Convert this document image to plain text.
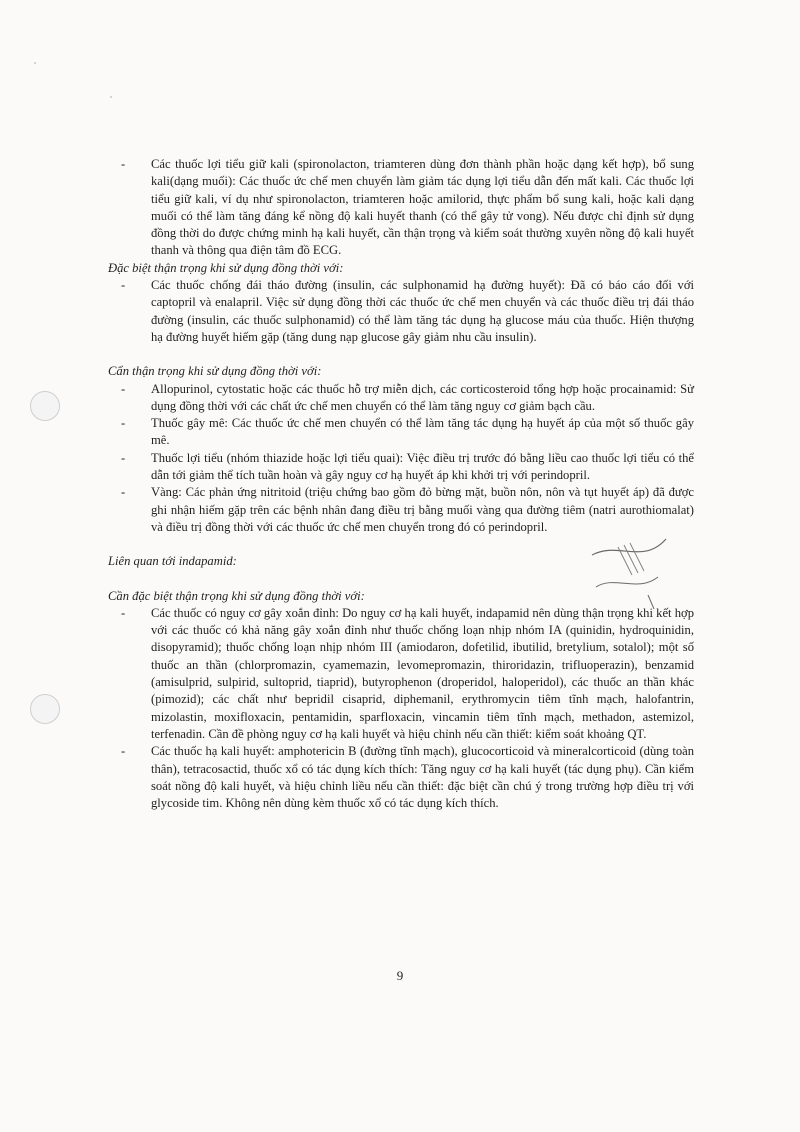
- Các thuốc lợi tiểu giữ kali (spironolacton, triamteren dùng đơn thành phần hoặc dạng kết hợp), bổ sung kali(dạng muối): Các thuốc ức chế men chuyển làm giảm tác dụng lợi tiểu dẫn đến mất kali. Các thuốc lợi tiểu giữ kali, ví dụ như spironolacton, triamteren hoặc amilorid, thực phẩm bổ sung kali, hoặc kali dạng muối có thể làm tăng đáng kể nồng độ kali huyết thanh (có thể gây tử vong). Nếu được chỉ định sử dụng đồng thời do được chứng minh hạ kali huyết, cần thận trọng và kiểm soát thường xuyên nồng độ kali huyết thanh và thông qua điện tâm đồ ECG.
Đặc biệt thận trọng khi sử dụng đồng thời với:
- Các thuốc chống đái tháo đường (insulin, các sulphonamid hạ đường huyết): Đã có báo cáo đối với captopril và enalapril. Việc sử dụng đồng thời các thuốc ức chế men chuyển và các thuốc điều trị đái tháo đường (insulin, các thuốc sulphonamid) có thể làm tăng tác dụng hạ glucose máu của thuốc. Hiện thượng hạ đường huyết hiếm gặp (tăng dung nạp glucose gây giảm nhu cầu insulin).
Cẩn thận trọng khi sử dụng đồng thời với:
- Allopurinol, cytostatic hoặc các thuốc hỗ trợ miễn dịch, các corticosteroid tổng hợp hoặc procainamid: Sử dụng đồng thời với các chất ức chế men chuyển có thể làm tăng nguy cơ giảm bạch cầu.
- Thuốc gây mê: Các thuốc ức chế men chuyển có thể làm tăng tác dụng hạ huyết áp của một số thuốc gây mê.
- Thuốc lợi tiểu (nhóm thiazide hoặc lợi tiểu quai): Việc điều trị trước đó bằng liều cao thuốc lợi tiểu có thể dẫn tới giảm thể tích tuần hoàn và gây nguy cơ hạ huyết áp khi khởi trị với perindopril.
- Vàng: Các phản ứng nitritoid (triệu chứng bao gồm đỏ bừng mặt, buồn nôn, nôn và tụt huyết áp) đã được ghi nhận hiếm gặp trên các bệnh nhân đang điều trị bằng muối vàng qua đường tiêm (natri aurothiomalat) và điều trị đồng thời với các thuốc ức chế men chuyển trong đó có perindopril.
Liên quan tới indapamid:
Cần đặc biệt thận trọng khi sử dụng đồng thời với:
- Các thuốc có nguy cơ gây xoắn đỉnh: Do nguy cơ hạ kali huyết, indapamid nên dùng thận trọng khi kết hợp với các thuốc có khả năng gây xoắn đỉnh như thuốc chống loạn nhịp nhóm IA (quinidin, hydroquinidin, disopyramid); thuốc chống loạn nhịp nhóm III (amiodaron, dofetilid, ibutilid, bretylium, sotalol); một số thuốc an thần (chlorpromazin, cyamemazin, levomepromazin, thiroridazin, trifluoperazin), benzamid (amisulprid, sulpirid, sultoprid, tiaprid), butyrophenon (droperidol, haloperidol), các thuốc an thần khác (pimozid); các chất như bepridil cisaprid, diphemanil, erythromycin tiêm tĩnh mạch, halofantrin, mizolastin, moxifloxacin, pentamidin, sparfloxacin, vincamin tiêm tĩnh mạch, methadon, astemizol, terfenadin. Cần đề phòng nguy cơ hạ kali huyết và hiệu chỉnh nếu cần thiết: kiểm soát khoảng QT.
- Các thuốc hạ kali huyết: amphotericin B (đường tĩnh mạch), glucocorticoid và mineralcorticoid (dùng toàn thân), tetracosactid, thuốc xổ có tác dụng kích thích: Tăng nguy cơ hạ kali huyết (tác dụng phụ). Cần kiểm soát nồng độ kali huyết, và hiệu chỉnh liều nếu cần thiết: đặc biệt cần chú ý trong trường hợp điều trị với glycoside tim. Không nên dùng kèm thuốc xổ có tác dụng kích thích.
9
